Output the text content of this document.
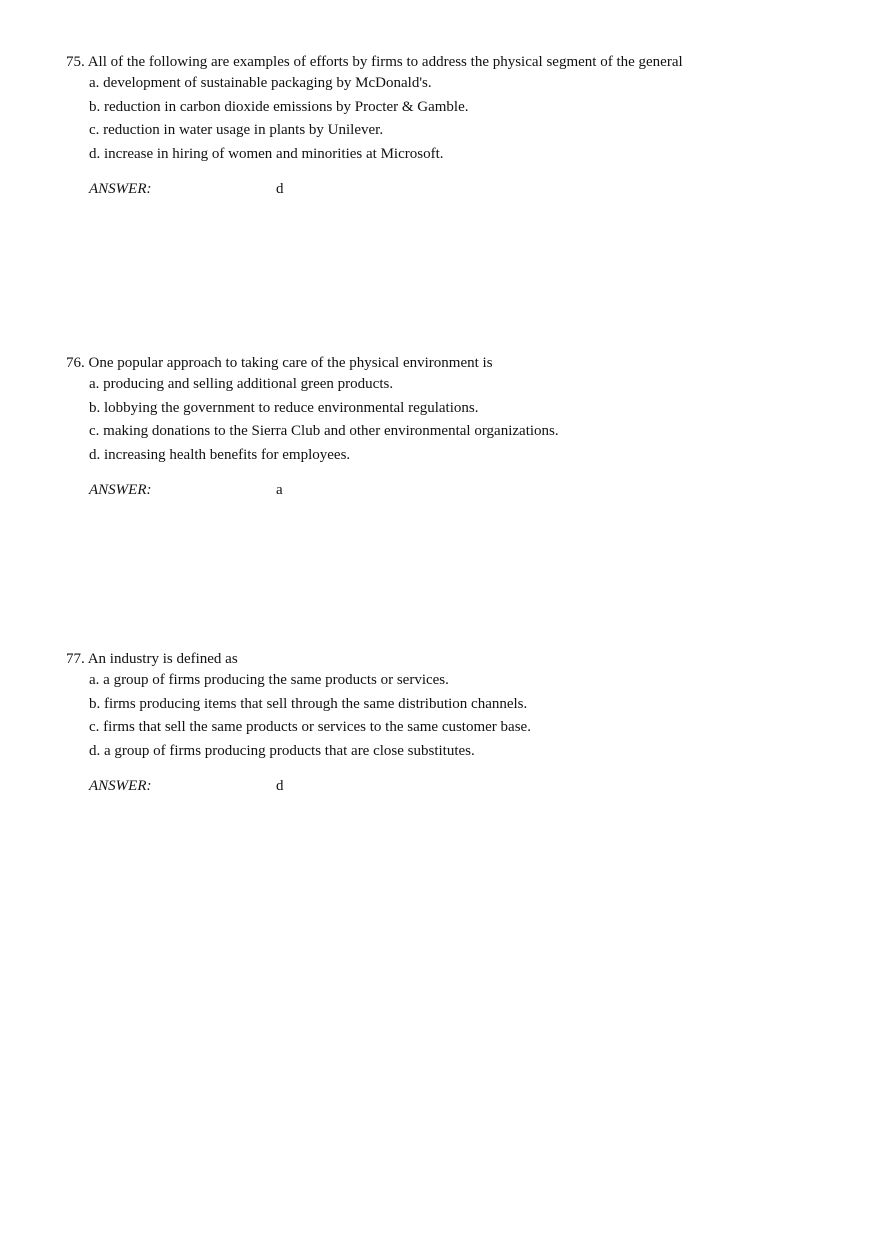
75. All of the following are examples of efforts by firms to address the physical segment of the general
a. development of sustainable packaging by McDonald's.
b. reduction in carbon dioxide emissions by Procter & Gamble.
c. reduction in water usage in plants by Unilever.
d. increase in hiring of women and minorities at Microsoft.
ANSWER:	d
76. One popular approach to taking care of the physical environment is
a. producing and selling additional green products.
b. lobbying the government to reduce environmental regulations.
c. making donations to the Sierra Club and other environmental organizations.
d. increasing health benefits for employees.
ANSWER:	a
77. An industry is defined as
a. a group of firms producing the same products or services.
b. firms producing items that sell through the same distribution channels.
c. firms that sell the same products or services to the same customer base.
d. a group of firms producing products that are close substitutes.
ANSWER:	d
